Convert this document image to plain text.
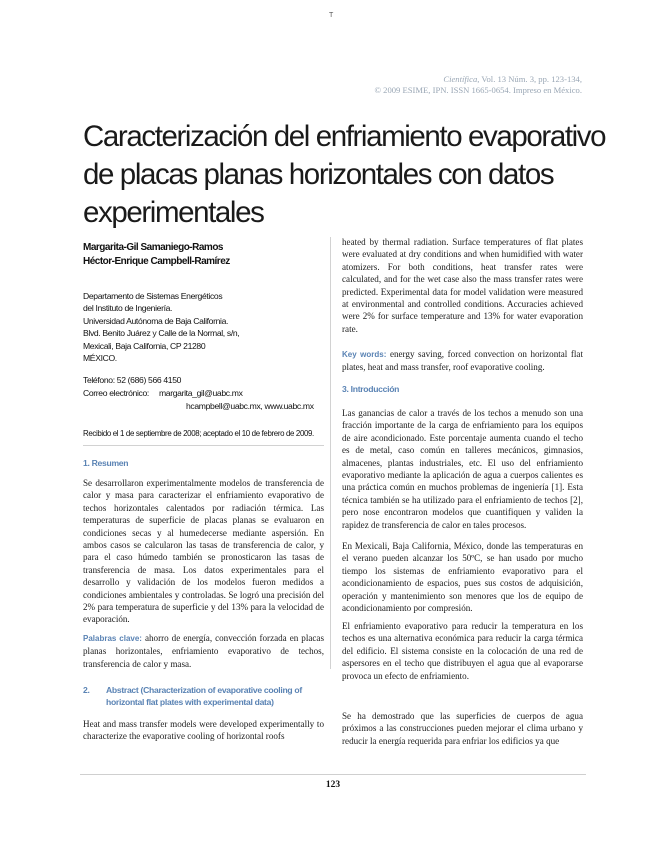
T
Científica, Vol. 13 Núm. 3, pp. 123-134,
© 2009 ESIME, IPN. ISSN 1665-0654. Impreso en México.
Caracterización del enfriamiento evaporativo
de placas planas horizontales con datos
experimentales
Margarita-Gil Samaniego-Ramos
Héctor-Enrique Campbell-Ramírez
Departamento de Sistemas Energéticos
del Instituto de Ingeniería.
Universidad Autónoma de Baja California.
Blvd. Benito Juárez y Calle de la Normal, s/n,
Mexicali, Baja California, CP 21280
MÉXICO.
Teléfono: 52 (686) 566 4150
Correo electrónico: margarita_gil@uabc.mx
hcampbell@uabc.mx, www.uabc.mx
Recibido el 1 de septiembre de 2008; aceptado el 10 de febrero de 2009.
1. Resumen
Se desarrollaron experimentalmente modelos de transferencia de calor y masa para caracterizar el enfriamiento evaporativo de techos horizontales calentados por radiación térmica. Las temperaturas de superficie de placas planas se evaluaron en condiciones secas y al humedecerse mediante aspersión. En ambos casos se calcularon las tasas de transferencia de calor, y para el caso húmedo también se pronosticaron las tasas de transferencia de masa. Los datos experimentales para el desarrollo y validación de los modelos fueron medidos a condiciones ambientales y controladas. Se logró una precisión del 2% para temperatura de superficie y del 13% para la velocidad de evaporación.
Palabras clave: ahorro de energía, convección forzada en placas planas horizontales, enfriamiento evaporativo de techos, transferencia de calor y masa.
2.	Abstract (Characterization of evaporative cooling of horizontal flat plates with experimental data)
Heat and mass transfer models were developed experimentally to characterize the evaporative cooling of horizontal roofs
heated by thermal radiation. Surface temperatures of flat plates were evaluated at dry conditions and when humidified with water atomizers. For both conditions, heat transfer rates were calculated, and for the wet case also the mass transfer rates were predicted. Experimental data for model validation were measured at environmental and controlled conditions. Accuracies achieved were 2% for surface temperature and 13% for water evaporation rate.
Key words: energy saving, forced convection on horizontal flat plates, heat and mass transfer, roof evaporative cooling.
3. Introducción
Las ganancias de calor a través de los techos a menudo son una fracción importante de la carga de enfriamiento para los equipos de aire acondicionado. Este porcentaje aumenta cuando el techo es de metal, caso común en talleres mecánicos, gimnasios, almacenes, plantas industriales, etc. El uso del enfriamiento evaporativo mediante la aplicación de agua a cuerpos calientes es una práctica común en muchos problemas de ingeniería [1]. Esta técnica también se ha utilizado para el enfriamiento de techos [2], pero nose encontraron modelos que cuantifiquen y validen la rapidez de transferencia de calor en tales procesos.
En Mexicali, Baja California, México, donde las temperaturas en el verano pueden alcanzar los 50ºC, se han usado por mucho tiempo los sistemas de enfriamiento evaporativo para el acondicionamiento de espacios, pues sus costos de adquisición, operación y mantenimiento son menores que los de equipo de acondicionamiento por compresión.
El enfriamiento evaporativo para reducir la temperatura en los techos es una alternativa económica para reducir la carga térmica del edificio. El sistema consiste en la colocación de una red de aspersores en el techo que distribuyen el agua que al evaporarse provoca un efecto de enfriamiento.
Se ha demostrado que las superficies de cuerpos de agua próximos a las construcciones pueden mejorar el clima urbano y reducir la energía requerida para enfriar los edificios ya que
123
